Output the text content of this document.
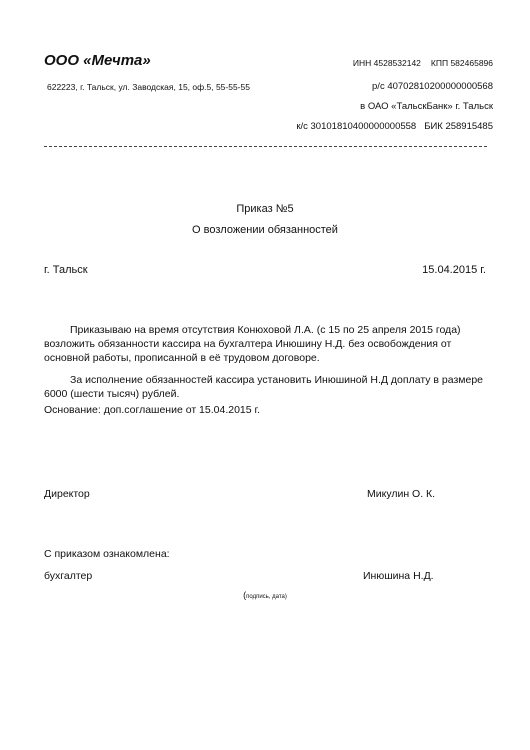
ООО «Мечта»
622223, г. Тальск, ул. Заводская, 15, оф.5, 55-55-55
ИНН 4528532142 КПП 582465896
р/с 40702810200000000568
в ОАО «ТальскБанк» г. Тальск
к/с 30101810400000000558 БИК 258915485
Приказ №5
О возложении обязанностей
г. Тальск	15.04.2015 г.
Приказываю на время отсутствия Конюховой Л.А. (с 15 по 25 апреля 2015 года) возложить обязанности кассира на бухгалтера Инюшину Н.Д. без освобождения от основной работы, прописанной в её трудовом договоре.
За исполнение обязанностей кассира установить Инюшиной Н.Д доплату в размере 6000 (шести тысяч) рублей.
Основание: доп.соглашение от 15.04.2015 г.
Директор	Микулин О. К.
С приказом ознакомлена:
бухгалтер	Инюшина Н.Д.
(подпись, дата)
